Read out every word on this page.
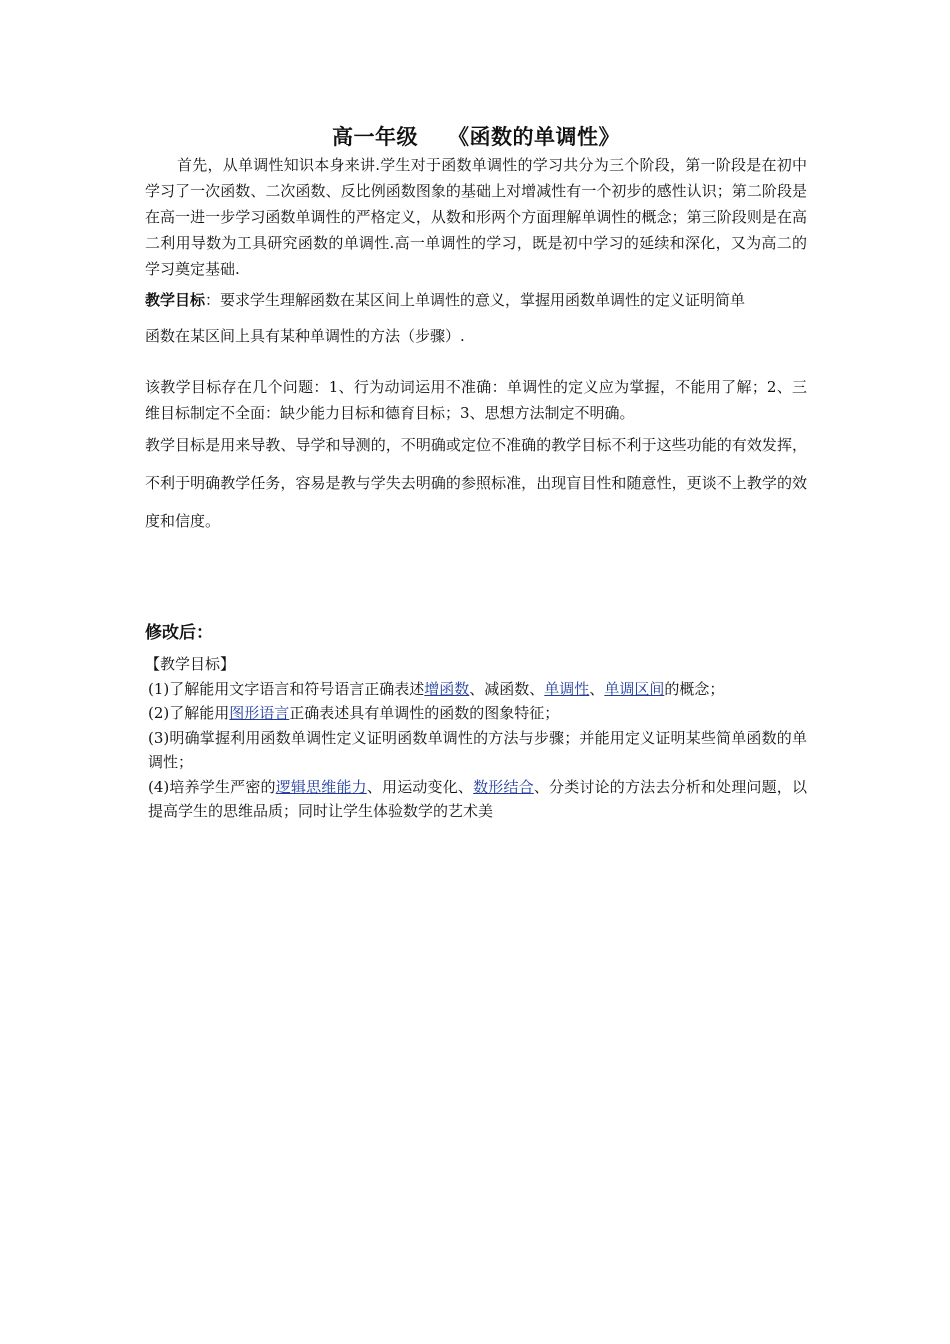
高一年级 《函数的单调性》

首先，从单调性知识本身来讲.学生对于函数单调性的学习共分为三个阶段，第一阶段是在初中学习了一次函数、二次函数、反比例函数图象的基础上对增减性有一个初步的感性认识；第二阶段是在高一进一步学习函数单调性的严格定义，从数和形两个方面理解单调性的概念；第三阶段则是在高二利用导数为工具研究函数的单调性.高一单调性的学习，既是初中学习的延续和深化，又为高二的学习奠定基础.

教学目标：要求学生理解函数在某区间上单调性的意义，掌握用函数单调性的定义证明简单

函数在某区间上具有某种单调性的方法（步骤）.

该教学目标存在几个问题：1、行为动词运用不准确：单调性的定义应为掌握，不能用了解；2、三维目标制定不全面：缺少能力目标和德育目标；3、思想方法制定不明确。

教学目标是用来导教、导学和导测的，不明确或定位不准确的教学目标不利于这些功能的有效发挥，不利于明确教学任务，容易是教与学失去明确的参照标准，出现盲目性和随意性，更谈不上教学的效度和信度。

修改后：

【教学目标】

(1)了解能用文字语言和符号语言正确表述增函数、减函数、单调性、单调区间的概念；

(2)了解能用图形语言正确表述具有单调性的函数的图象特征；

(3)明确掌握利用函数单调性定义证明函数单调性的方法与步骤；并能用定义证明某些简单函数的单调性；

(4)培养学生严密的逻辑思维能力、用运动变化、数形结合、分类讨论的方法去分析和处理问题，以提高学生的思维品质；同时让学生体验数学的艺术美
